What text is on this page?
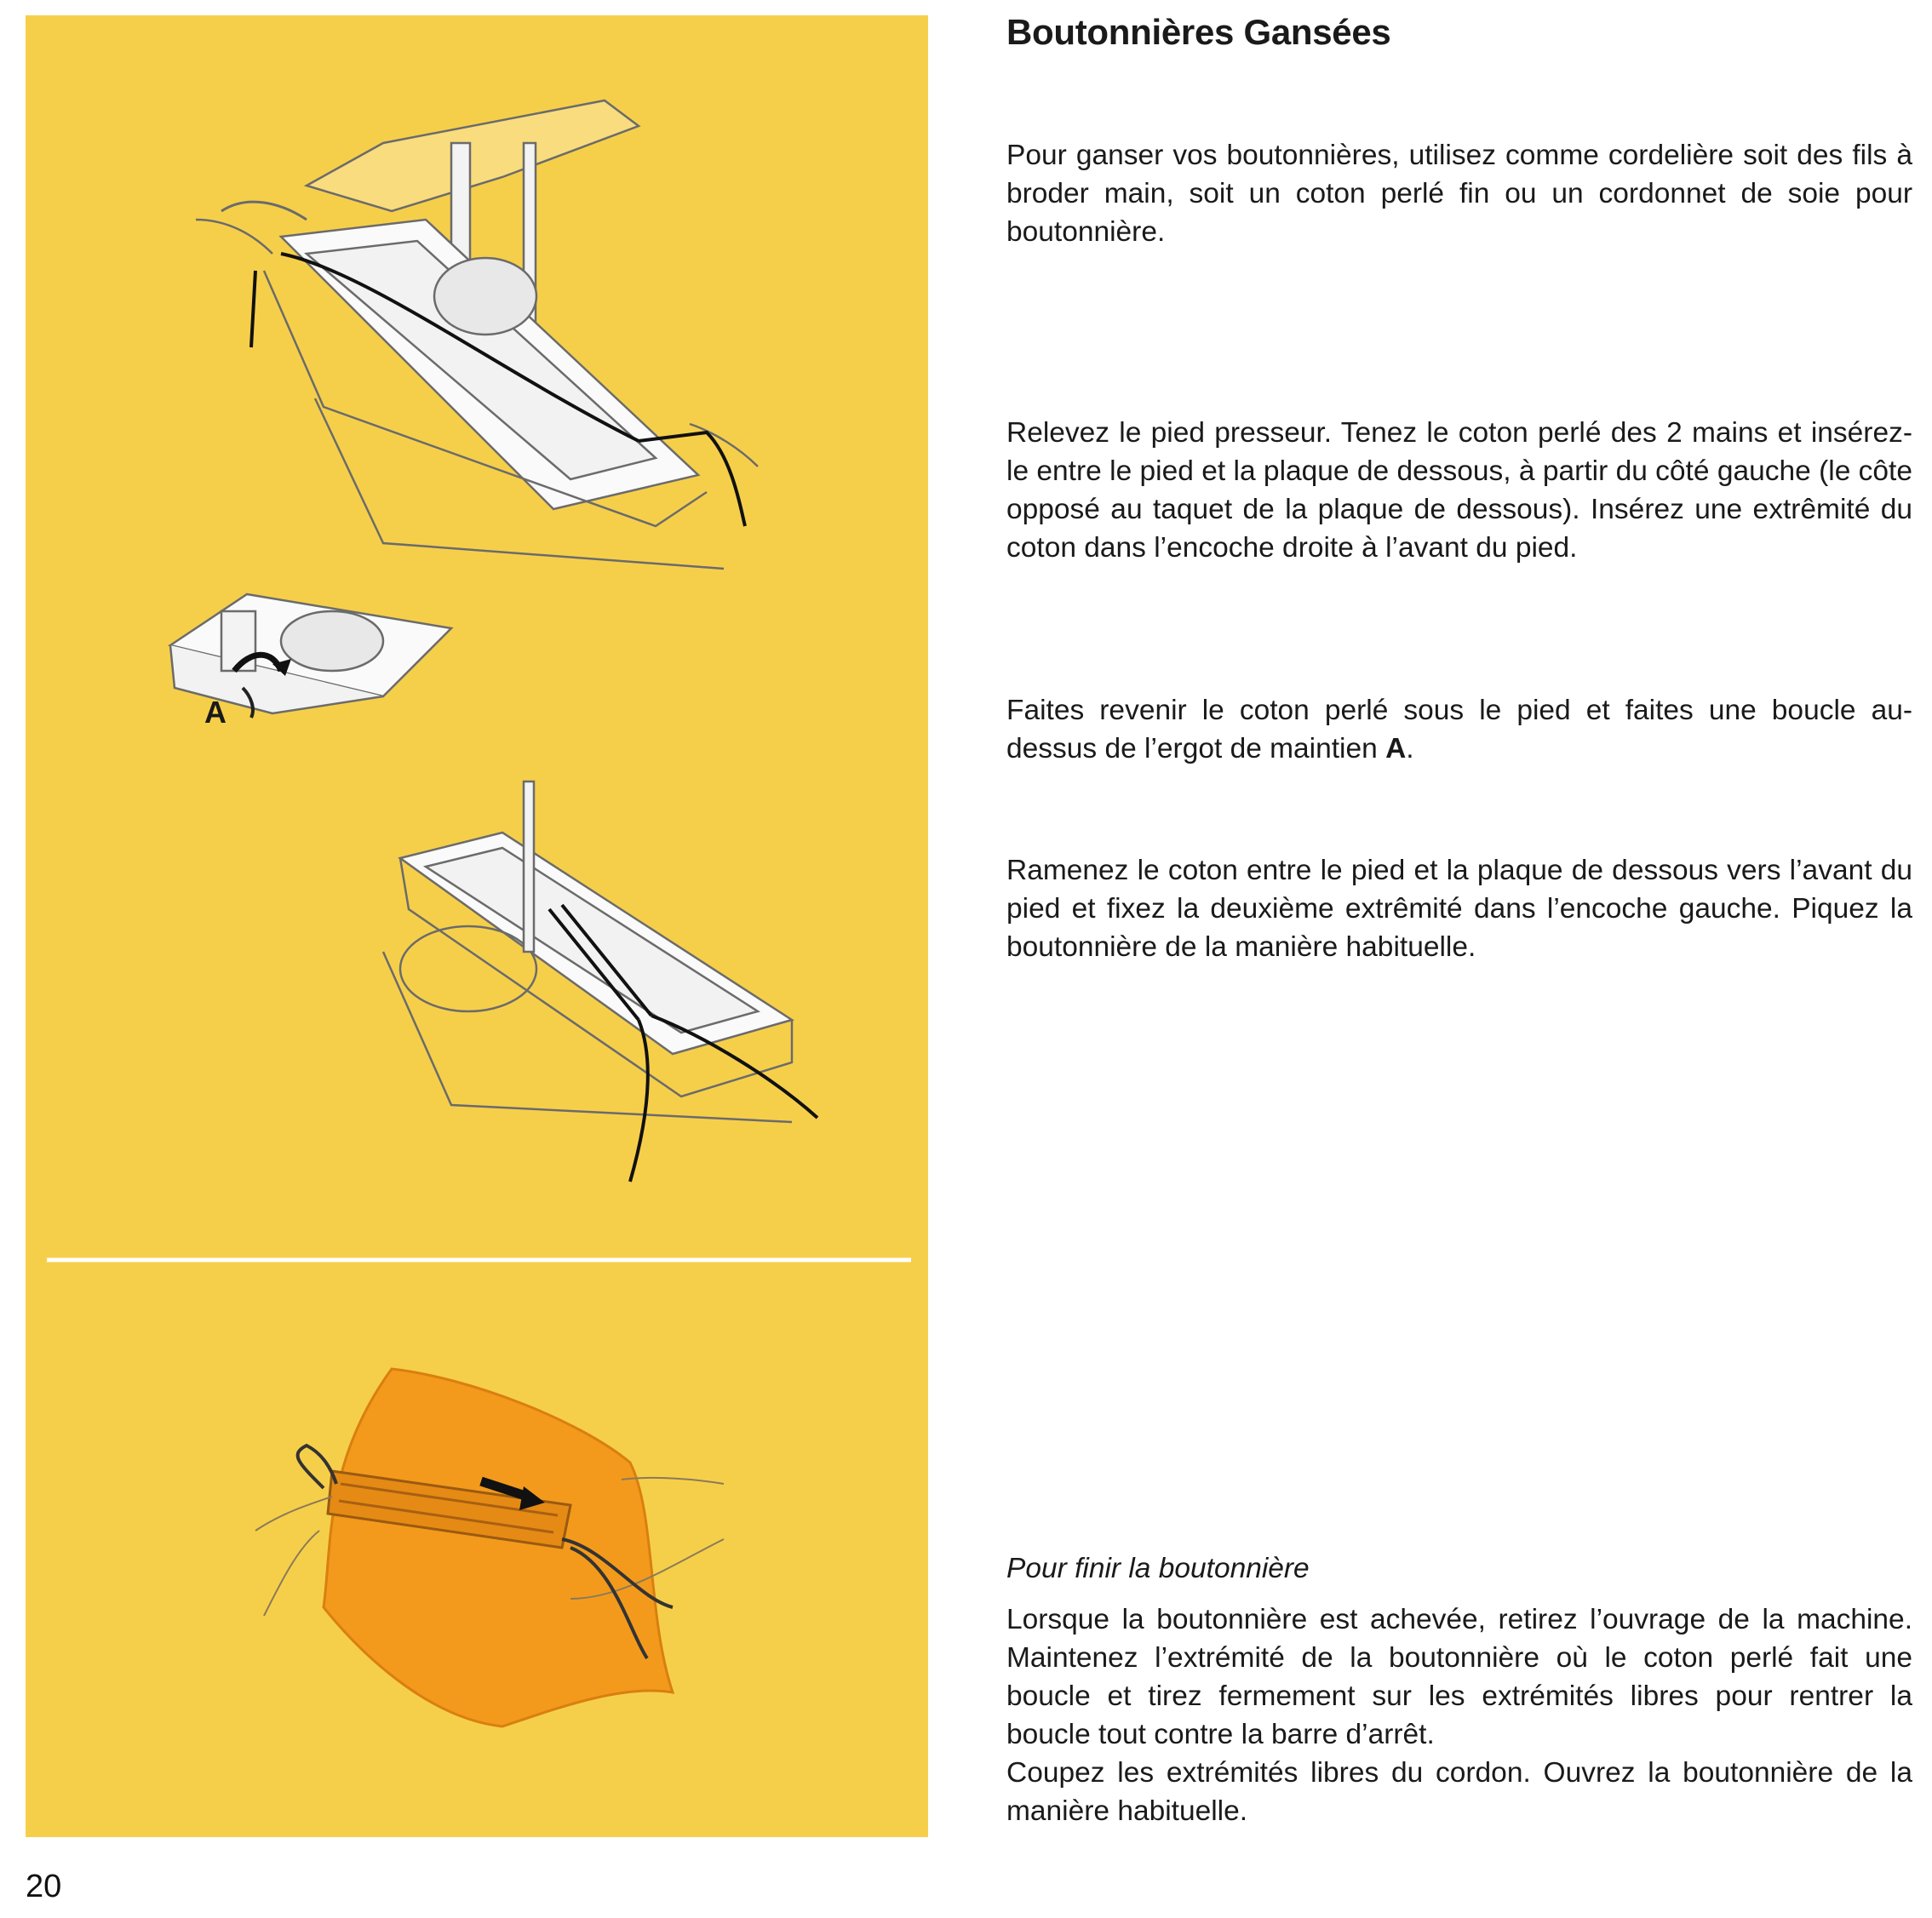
A
Boutonnières Gansées

Pour ganser vos boutonnières, utilisez comme cordelière soit des fils à broder main, soit un coton perlé fin ou un cordonnet de soie pour boutonnière.

Relevez le pied presseur. Tenez le coton perlé des 2 mains et insérez-le entre le pied et la plaque de dessous, à partir du côté gauche (le côte opposé au taquet de la plaque de dessous). Insérez une extrêmité du coton dans l’encoche droite à l’avant du pied.

Faites revenir le coton perlé sous le pied et faites une boucle au-dessus de l’ergot de maintien A.

Ramenez le coton entre le pied et la plaque de dessous vers l’avant du pied et fixez la deuxième extrêmité dans l’encoche gauche. Piquez la boutonnière de la manière habituelle.

Pour finir la boutonnière

Lorsque la boutonnière est achevée, retirez l’ouvrage de la machine. Maintenez l’extrémité de la boutonnière où le coton perlé fait une boucle et tirez fermement sur les extrémités libres pour rentrer la boucle tout contre la barre d’arrêt.

Coupez les extrémités libres du cordon. Ouvrez la boutonnière de la manière habituelle.

20
